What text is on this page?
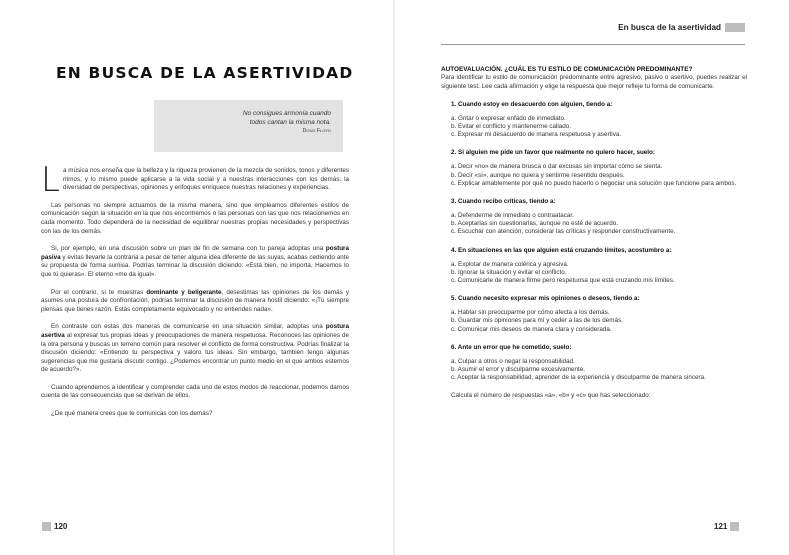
EN BUSCA DE LA ASERTIVIDAD
No consigues armonía cuando
todos cantan la misma nota.
Doug Floyd

La música nos enseña que la belleza y la riqueza provienen de la mezcla de sonidos, tonos y diferentes ritmos, y lo mismo puede aplicarse a la vida social y a nuestras interacciones con los demás: la diversidad de perspectivas, opiniones y enfoques enriquece nuestras relaciones y experiencias.

Las personas no siempre actuamos de la misma manera, sino que empleamos diferentes estilos de comunicación según la situación en la que nos encontremos o las personas con las que nos relacionemos en cada momento. Todo dependerá de la necesidad de equilibrar nuestras propias necesidades y perspectivas con las de los demás.

Si, por ejemplo, en una discusión sobre un plan de fin de semana con tu pareja adoptas una postura pasiva y evitas llevarle la contraria a pesar de tener alguna idea diferente de las suyas, acabas cediendo ante su propuesta de forma sumisa. Podrías terminar la discusión diciendo: «Está bien, no importa. Hacemos lo que tú quieras». El eterno «me da igual».

Por el contrario, si te muestras dominante y beligerante, desestimas las opiniones de los demás y asumes una postura de confrontación, podrías terminar la discusión de manera hostil diciendo: «¡Tú siempre piensas que tienes razón. Estás completamente equivocado y no entiendes nada».

En contraste con estas dos maneras de comunicarse en una situación similar, adoptas una postura asertiva al expresar tus propias ideas y preocupaciones de manera respetuosa. Reconoces las opiniones de la otra persona y buscas un terreno común para resolver el conflicto de forma constructiva. Podrías finalizar la discusión diciendo: «Entiendo tu perspectiva y valoro tus ideas. Sin embargo, también tengo algunas sugerencias que me gustaría discutir contigo. ¿Podemos encontrar un punto medio en el que ambos estemos de acuerdo?».

Cuando aprendemos a identificar y comprender cada uno de estos modos de reaccionar, podemos darnos cuenta de las consecuencias que se derivan de ellos.

¿De qué manera crees que te comunicas con los demás?

120
En busca de la asertividad

AUTOEVALUACIÓN. ¿CUÁL ES TU ESTILO DE COMUNICACIÓN PREDOMINANTE?

Para identificar tu estilo de comunicación predominante entre agresivo, pasivo o asertivo, puedes realizar el siguiente test. Lee cada afirmación y elige la respuesta que mejor refleje tu forma de comunicarte.

1. Cuando estoy en desacuerdo con alguien, tiendo a:

a. Gritar o expresar enfado de inmediato.

b. Evitar el conflicto y mantenerme callado.

c. Expresar mi desacuerdo de manera respetuosa y asertiva.

2. Si alguien me pide un favor que realmente no quiero hacer, suelo:

a. Decir «no» de manera brusca o dar excusas sin importar cómo se sienta.

b. Decir «sí», aunque no quiera y sentirme resentido después.

c. Explicar amablemente por qué no puedo hacerlo o negociar una solución que funcione para ambos.

3. Cuando recibo críticas, tiendo a:

a. Defenderme de inmediato o contraatacar.

b. Aceptarlas sin cuestionarlas, aunque no esté de acuerdo.

c. Escuchar con atención, considerar las críticas y responder constructivamente.

4. En situaciones en las que alguien está cruzando límites, acostumbro a:

a. Explotar de manera colérica y agresiva.

b. Ignorar la situación y evitar el conflicto.

c. Comunicarle de manera firme pero respetuosa que está cruzando mis límites.

5. Cuando necesito expresar mis opiniones o deseos, tiendo a:

a. Hablar sin preocuparme por cómo afecta a los demás.

b. Guardar mis opiniones para mí y ceder a las de los demás.

c. Comunicar mis deseos de manera clara y considerada.

6. Ante un error que he cometido, suelo:

a. Culpar a otros o negar la responsabilidad.

b. Asumir el error y disculparme excesivamente.

c. Aceptar la responsabilidad, aprender de la experiencia y disculparme de manera sincera.

Calcula el número de respuestas «a», «b» y «c» que has seleccionado:

121
